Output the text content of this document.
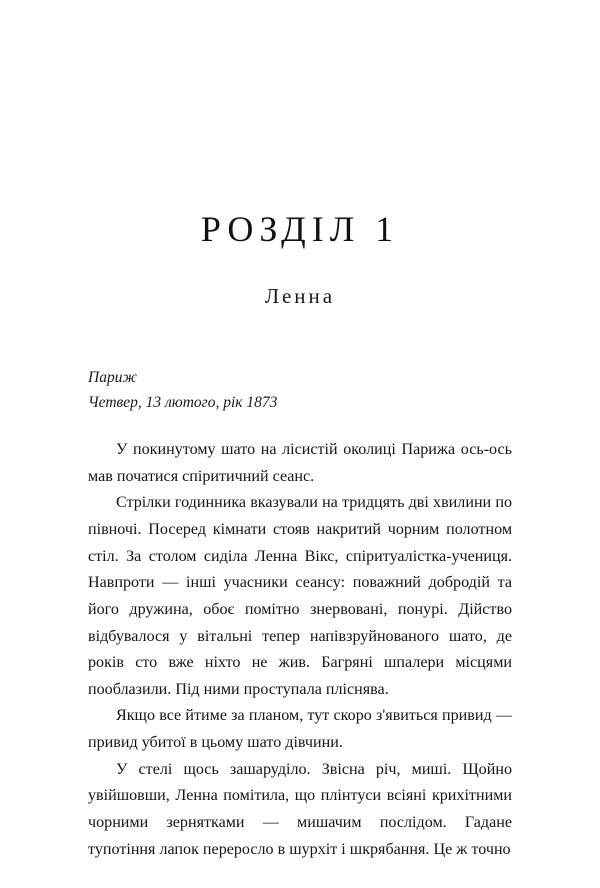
РОЗДІЛ 1
Ленна
Париж
Четвер, 13 лютого, рік 1873

У покинутому шато на лісистій околиці Парижа ось-ось мав початися спіритичний сеанс.

Стрілки годинника вказували на тридцять дві хвилини по півночі. Посеред кімнати стояв накритий чорним полотном стіл. За столом сиділа Ленна Вікс, спіритуалістка-учениця. Навпроти — інші учасники сеансу: поважний добродій та його дружина, обоє помітно знервовані, понурі. Дійство відбувалося у вітальні тепер напівзруйнованого шато, де років сто вже ніхто не жив. Багряні шпалери місцями пооблазили. Під ними проступала пліснява.

Якщо все йтиме за планом, тут скоро з'явиться привид — привид убитої в цьому шато дівчини.

У стелі щось зашаруділо. Звісна річ, миші. Щойно увійшовши, Ленна помітила, що плінтуси всіяні крихітними чорними зернятками — мишачим послідом. Гадане тупотіння лапок переросло в шурхіт і шкрябання. Це ж точно
